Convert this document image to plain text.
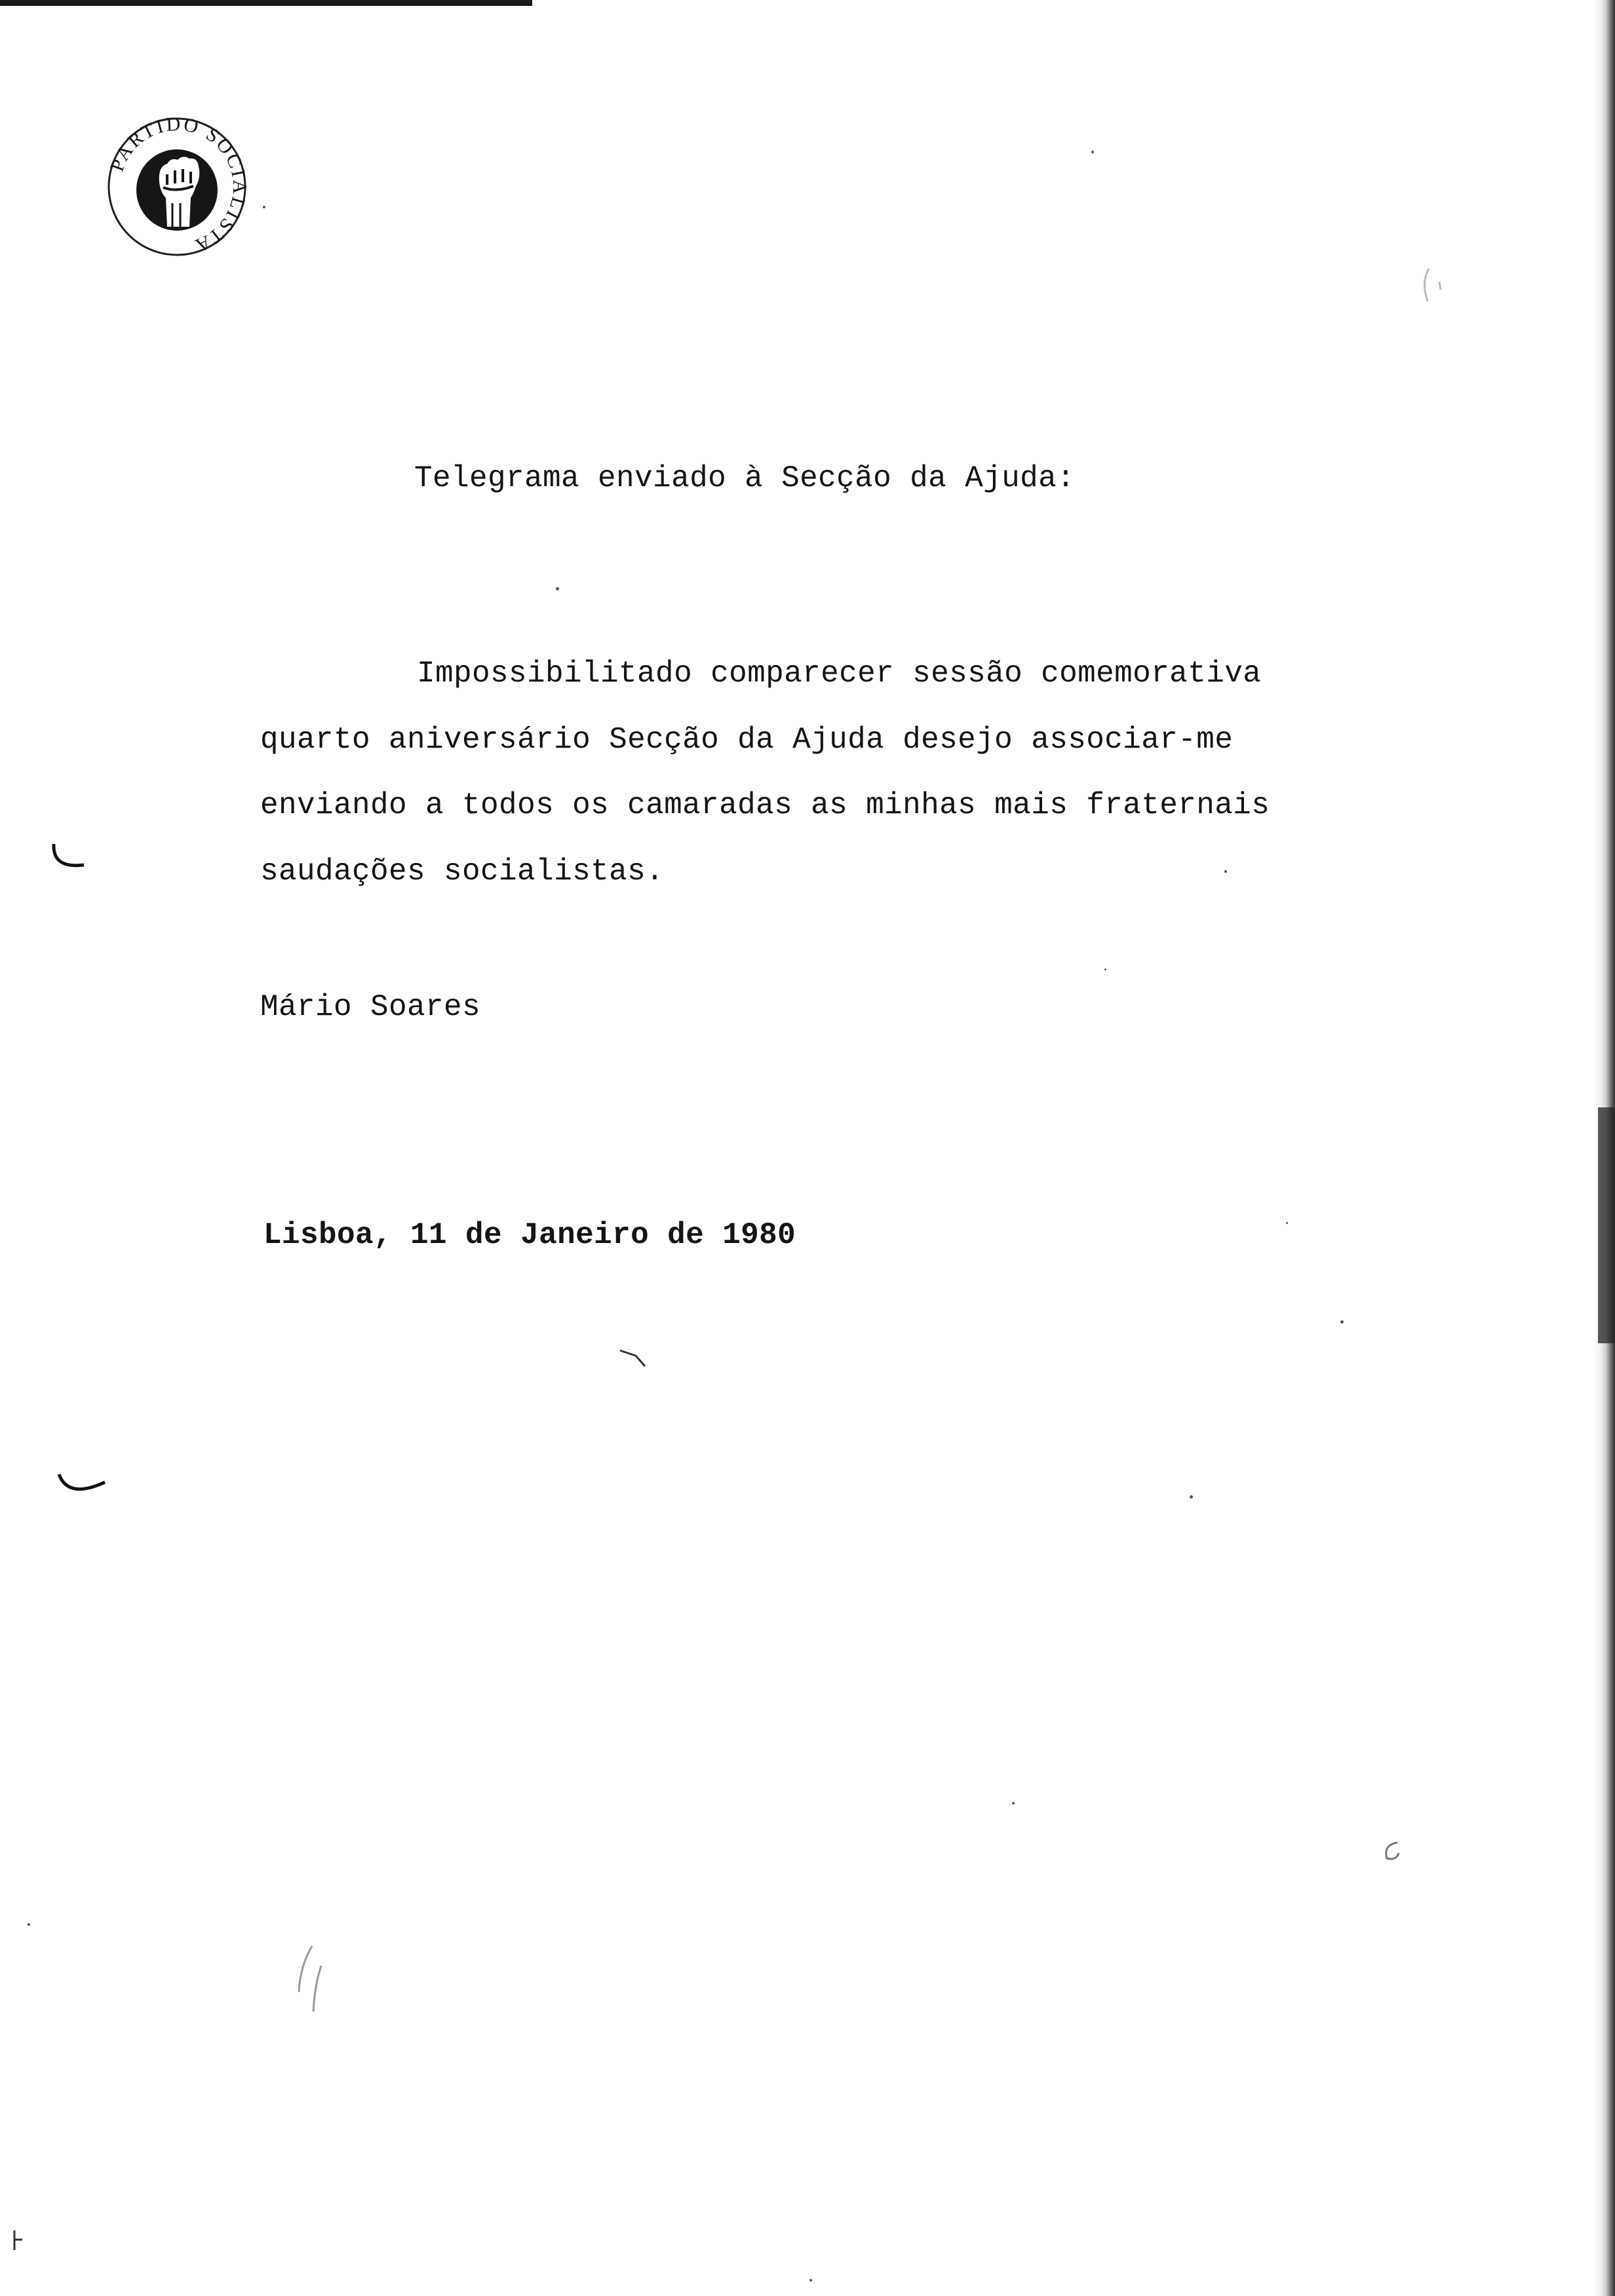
PARTIDO SOCIALISTA
Telegrama enviado à Secção da Ajuda:
Impossibilitado comparecer sessão comemorativa
quarto aniversário Secção da Ajuda desejo associar-me
enviando a todos os camaradas as minhas mais fraternais
saudações socialistas.
Mário Soares
Lisboa, 11 de Janeiro de 1980
